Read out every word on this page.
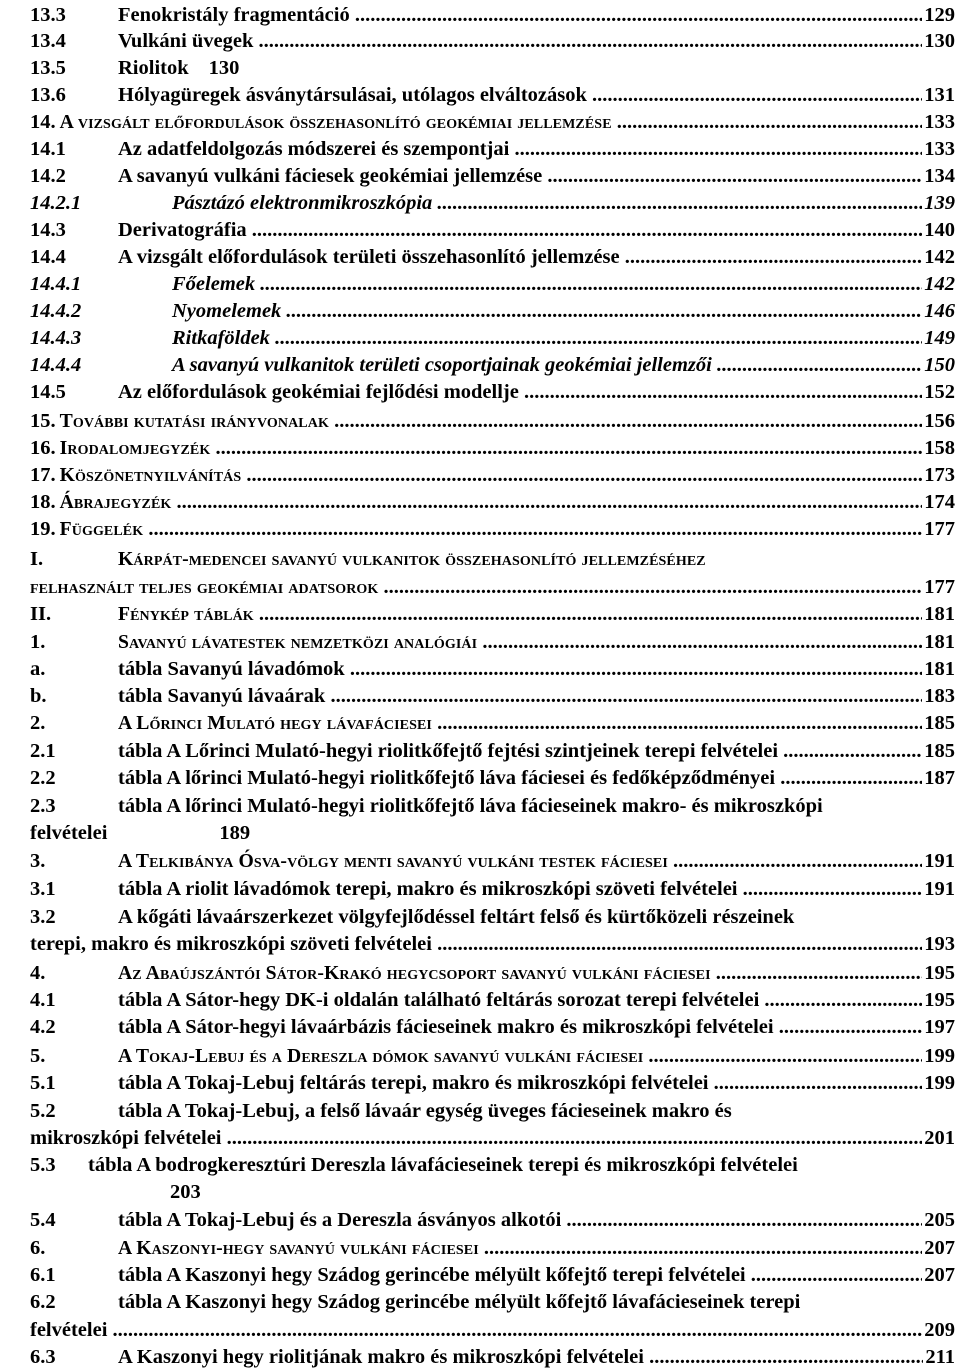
13.3	Fenokristály fragmentáció .....	129
13.4	Vulkáni üvegek .....	130
13.5	Riolitok 130
13.6	Hólyagüregek ásványtársulásai, utólagos elváltozások .....	131
14. A vizsgált előfordulások összehasonlító geokémiai jellemzése .....	133
14.1	Az adatfeldolgozás módszerei és szempontjai .....	133
14.2	A savanyú vulkáni fáciesek geokémiai jellemzése .....	134
14.2.1	Pásztázó elektronmikroszkópia .....	139
14.3	Derivatográfia .....	140
14.4	A vizsgált előfordulások területi összehasonlító jellemzése .....	142
14.4.1	Főelemek .....	142
14.4.2	Nyomelemek .....	146
14.4.3	Ritkaföldek .....	149
14.4.4	A savanyú vulkanitok területi csoportjainak geokémiai jellemzői .....	150
14.5	Az előfordulások geokémiai fejlődési modellje .....	152
15. További kutatási irányvonalak .....	156
16. Irodalomjegyzék .....	158
17. Köszönetnyilvánítás .....	173
18. Ábrajegyzék .....	174
19. Függelék .....	177
I.	Kárpát-medencei savanyú vulkanitok összehasonlító jellemzéséhez
felhasznált teljes geokémiai adatsorok .....	177
II.	Fénykép táblák .....	181
1.	Savanyú lávatestek nemzetközi analógiái .....	181
a.	tábla Savanyú lávadómok .....	181
b.	tábla Savanyú lávaárak .....	183
2.	A Lőrinci Mulató hegy lávafáciesei .....	185
2.1	tábla A Lőrinci Mulató-hegyi riolitkőfejtő fejtési szintjeinek terepi felvételei .....	185
2.2	tábla A lőrinci Mulató-hegyi riolitkőfejtő láva fáciesei és fedőképződményei .....	187
2.3	tábla A lőrinci Mulató-hegyi riolitkőfejtő láva fácieseinek makro- és mikroszkópi
felvételei	189
3.	A Telkibánya Ósva-völgy menti savanyú vulkáni testek fáciesei .....	191
3.1	tábla A riolit lávadómok terepi, makro és mikroszkópi szöveti felvételei .....	191
3.2	A kőgáti lávaárszerkezet völgyfejlődéssel feltárt felső és kürtőközeli részeinek
terepi, makro és mikroszkópi szöveti felvételei .....	193
4.	Az Abaújszántói Sátor-Krakó hegycsoport savanyú vulkáni fáciesei .....	195
4.1	tábla A Sátor-hegy DK-i oldalán található feltárás sorozat terepi felvételei .....	195
4.2	tábla A Sátor-hegyi lávaárbázis fácieseinek makro és mikroszkópi felvételei .....	197
5.	A Tokaj-Lebuj és a Dereszla dómok savanyú vulkáni fáciesei .....	199
5.1	tábla A Tokaj-Lebuj feltárás terepi, makro és mikroszkópi felvételei .....	199
5.2	tábla A Tokaj-Lebuj, a felső lávaár egység üveges fácieseinek makro és
mikroszkópi felvételei .....	201
5.3 tábla A bodrogkeresztúri Dereszla lávafácieseinek terepi és mikroszkópi felvételei
203
5.4	tábla A Tokaj-Lebuj és a Dereszla ásványos alkotói .....	205
6.	A Kaszonyi-hegy savanyú vulkáni fáciesei .....	207
6.1	tábla A Kaszonyi hegy Szádog gerincébe mélyült kőfejtő terepi felvételei .....	207
6.2	tábla A Kaszonyi hegy Szádog gerincébe mélyült kőfejtő lávafácieseinek terepi
felvételei .....	209
6.3	A Kaszonyi hegy riolitjának makro és mikroszkópi felvételei .....	211
